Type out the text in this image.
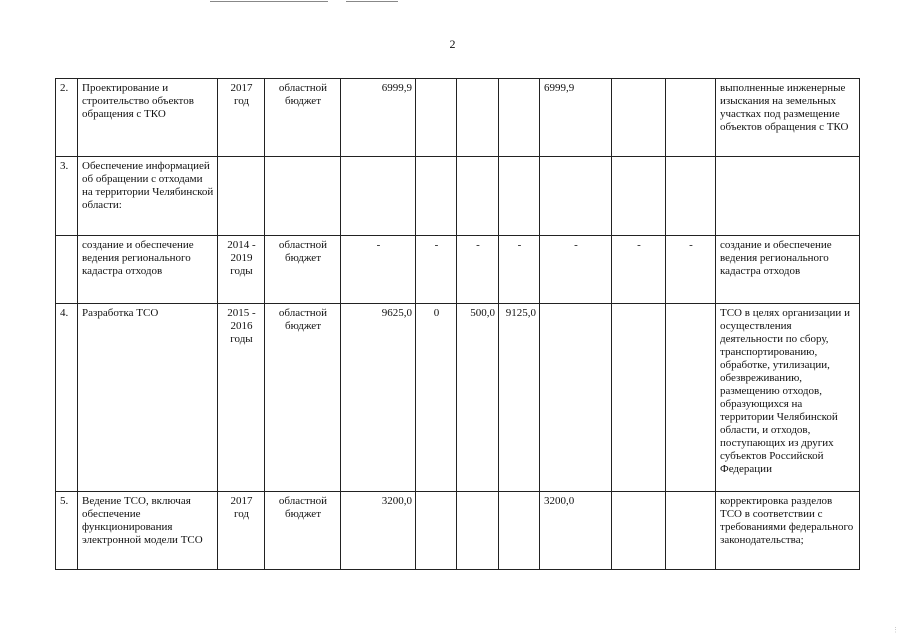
2
2.	Проектирование и строительство объектов обращения с ТКО	2017 год	областной бюджет	6999,9				6999,9			выполненные инженерные изыскания на земельных участках под размещение объектов обращения с ТКО
3.	Обеспечение информацией об обращении с отходами на территории Челябинской области:										
	создание и обеспечение ведения регионального кадастра отходов	2014 - 2019 годы	областной бюджет	-	-	-	-	-	-	-	создание и обеспечение ведения регионального кадастра отходов
4.	Разработка ТСО	2015 - 2016 годы	областной бюджет	9625,0	0	500,0	9125,0				ТСО в целях организации и осуществления деятельности по сбору, транспортированию, обработке, утилизации, обезвреживанию, размещению отходов, образующихся на территории Челябинской области, и отходов, поступающих из других субъектов Российской Федерации
5.	Ведение ТСО, включая обеспечение функционирования электронной модели ТСО	2017 год	областной бюджет	3200,0				3200,0			корректировка разделов ТСО в соответствии с требованиями федерального законодательства;
⋮
